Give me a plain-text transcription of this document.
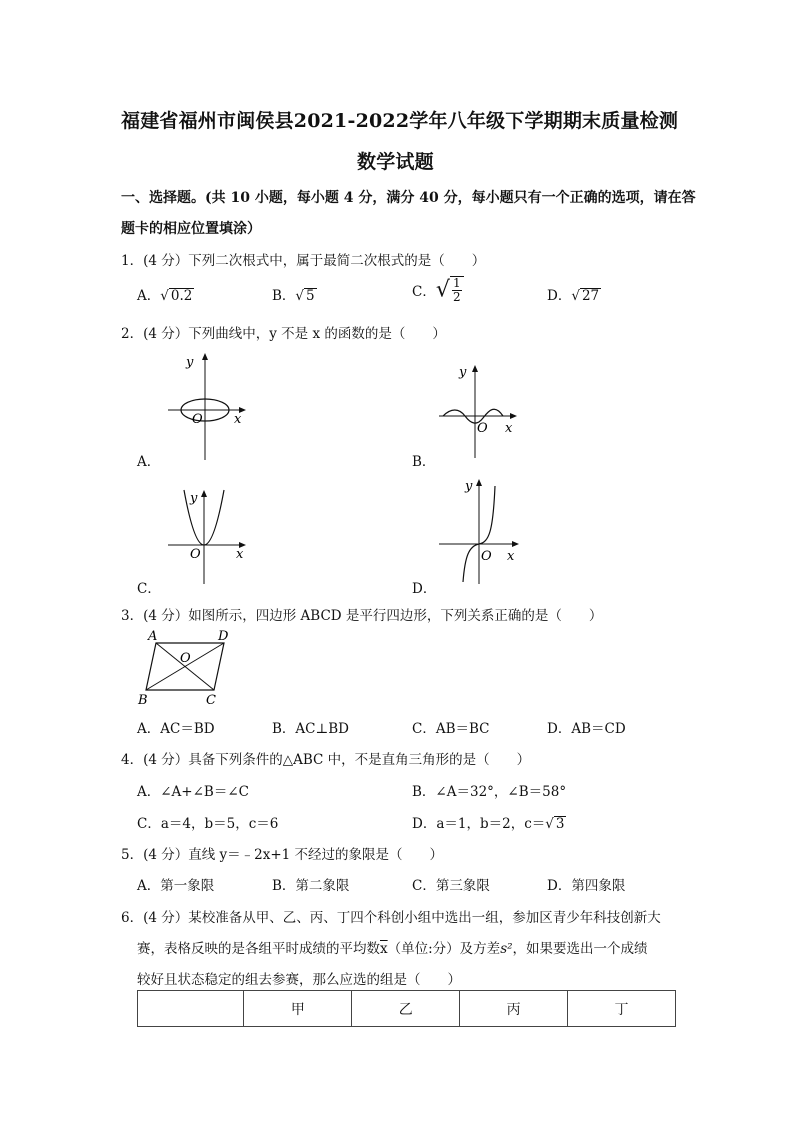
福建省福州市闽侯县2021-2022学年八年级下学期期末质量检测
数学试题
一、选择题。(共 10 小题，每小题 4 分，满分 40 分，每小题只有一个正确的选项，请在答
题卡的相应位置填涂）
1．(4 分）下列二次根式中，属于最简二次根式的是（　　）
A．√ 0.2	B．√ 5	C．√ $\frac{1}{2}$	D．√ 27
2．(4 分）下列曲线中，y 不是 x 的函数的是（　　）
y
O x
A．
y
O x
B．
y
O	x
C．
y
O x
D．
3．(4 分）如图所示，四边形 ABCD 是平行四边形，下列关系正确的是（　　）
A	D
B	C
O
A．AC＝BD	B．AC⊥BD	C．AB＝BC	D．AB＝CD
4．(4 分）具备下列条件的△ABC 中，不是直角三角形的是（　　）
A．∠A+∠B＝∠C	B．∠A＝32°，∠B＝58°
C．a＝4，b＝5，c＝6	D．a＝1，b＝2，c＝√ 3
5．(4 分）直线 y＝﹣2x+1 不经过的象限是（　　）
A．第一象限	B．第二象限	C．第三象限	D．第四象限
6．(4 分）某校准备从甲、乙、丙、丁四个科创小组中选出一组，参加区青少年科技创新大
赛，表格反映的是各组平时成绩的平均数$\overline{x}$（单位:分）及方差s²，如果要选出一个成绩
较好且状态稳定的组去参赛，那么应选的组是（　　）
	甲	乙	丙	丁
